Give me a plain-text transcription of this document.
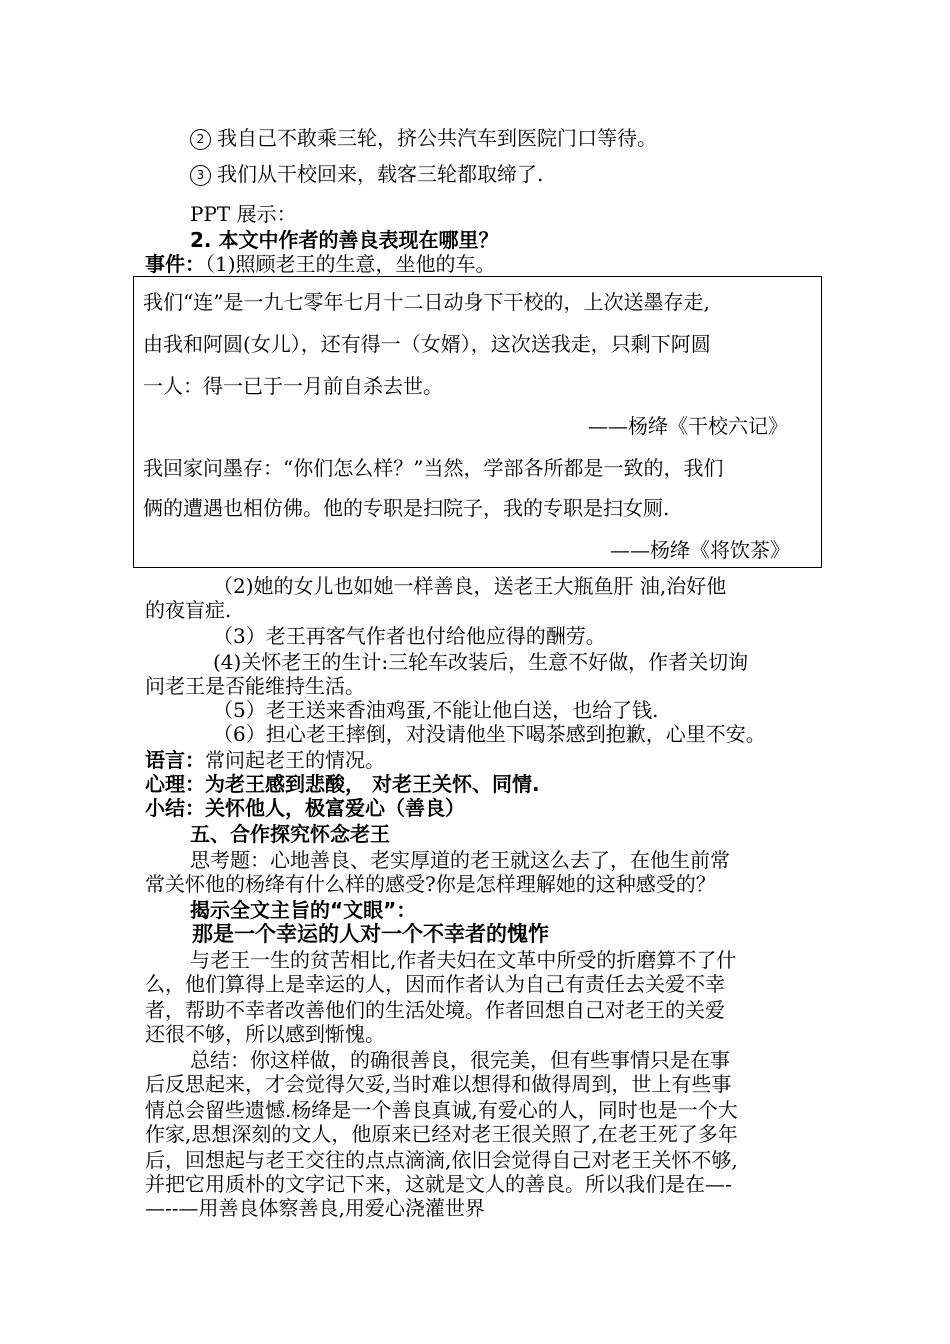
2 我自己不敢乘三轮，挤公共汽车到医院门口等待。
3 我们从干校回来，载客三轮都取缔了.
PPT 展示：
2. 本文中作者的善良表现在哪里？
事件：（1)照顾老王的生意，坐他的车。
我们“连”是一九七零年七月十二日动身下干校的，上次送墨存走,
由我和阿圆(女儿），还有得一（女婿），这次送我走，只剩下阿圆
一人：得一已于一月前自杀去世。
——杨绛《干校六记》
我回家问墨存：“你们怎么样？”当然，学部各所都是一致的，我们
俩的遭遇也相仿佛。他的专职是扫院子，我的专职是扫女厕.
——杨绛《将饮茶》
（2)她的女儿也如她一样善良，送老王大瓶鱼肝 油,治好他
的夜盲症.
（3）老王再客气作者也付给他应得的酬劳。
(4)关怀老王的生计:三轮车改装后，生意不好做，作者关切询
问老王是否能维持生活。
（5）老王送来香油鸡蛋,不能让他白送，也给了钱.
（6）担心老王摔倒，对没请他坐下喝茶感到抱歉，心里不安。
语言：常问起老王的情况。
心理：为老王感到悲酸， 对老王关怀、同情.
小结：关怀他人，极富爱心（善良）
五、合作探究怀念老王
思考题：心地善良、老实厚道的老王就这么去了，在他生前常
常关怀他的杨绛有什么样的感受?你是怎样理解她的这种感受的？
揭示全文主旨的“文眼”：
那是一个幸运的人对一个不幸者的愧怍
与老王一生的贫苦相比,作者夫妇在文革中所受的折磨算不了什
么，他们算得上是幸运的人，因而作者认为自己有责任去关爱不幸
者，帮助不幸者改善他们的生活处境。作者回想自己对老王的关爱
还很不够，所以感到惭愧。
总结：你这样做，的确很善良，很完美，但有些事情只是在事
后反思起来，才会觉得欠妥,当时难以想得和做得周到，世上有些事
情总会留些遗憾.杨绛是一个善良真诚,有爱心的人，同时也是一个大
作家,思想深刻的文人，他原来已经对老王很关照了,在老王死了多年
后，回想起与老王交往的点点滴滴,依旧会觉得自己对老王关怀不够,
并把它用质朴的文字记下来，这就是文人的善良。所以我们是在—-
—--—用善良体察善良,用爱心浇灌世界
